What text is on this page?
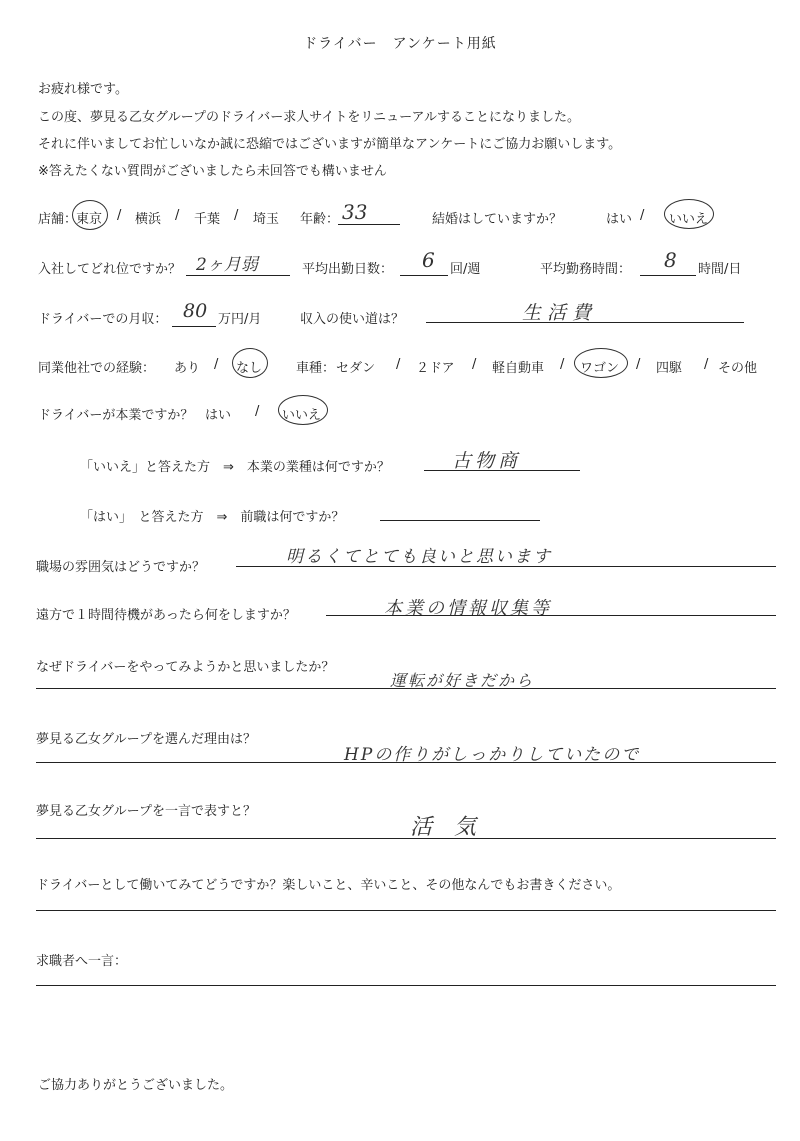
ドライバー　アンケート用紙
お疲れ様です。
この度、夢見る乙女グループのドライバー求人サイトをリニューアルすることになりました。
それに伴いましてお忙しいなか誠に恐縮ではございますが簡単なアンケートにご協力お願いします。
※答えたくない質問がございましたら未回答でも構いません
店舗：
東京 / 横浜 / 千葉 / 埼玉 年齢： 33	結婚はしていますか？	はい / いいえ
入社してどれ位ですか？ 2ヶ月弱	平均出勤日数： 6 回/週	平均勤務時間： 8 時間/日
ドライバーでの月収： 80 万円/月	収入の使い道は？	生活費
同業他社での経験： あり / なし	車種： セダン / ２ドア / 軽自動車 / ワゴン / 四駆 / その他
ドライバーが本業ですか？ はい / いいえ
「いいえ」と答えた方　⇒　本業の業種は何ですか？	古物商
「はい」　と答えた方　⇒　前職は何ですか？
職場の雰囲気はどうですか？
明るくてとても良いと思います
遠方で１時間待機があったら何をしますか？	本業の情報収集等
なぜドライバーをやってみようかと思いましたか？
運転が好きだから
夢見る乙女グループを選んだ理由は？
HPの作りがしっかりしていたので
夢見る乙女グループを一言で表すと？
活気
ドライバーとして働いてみてどうですか？楽しいこと、辛いこと、その他なんでもお書きください。
求職者へ一言：
ご協力ありがとうございました。
